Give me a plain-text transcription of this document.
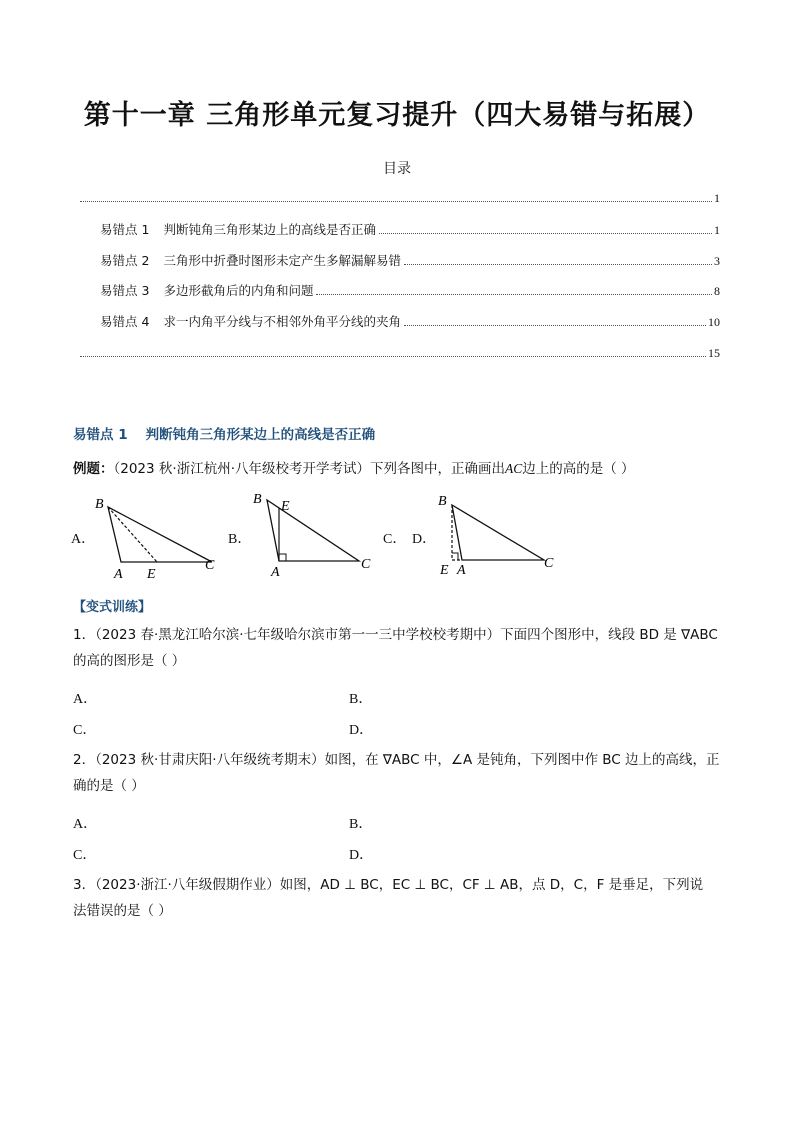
第十一章 三角形单元复习提升（四大易错与拓展）
目录
1
易错点 1 判断钝角三角形某边上的高线是否正确	1
易错点 2 三角形中折叠时图形未定产生多解漏解易错	3
易错点 3 多边形截角后的内角和问题	8
易错点 4 求一内角平分线与不相邻外角平分线的夹角	10
15
易错点 1 判断钝角三角形某边上的高线是否正确
例题：（2023 秋·浙江杭州·八年级校考开学考试）下列各图中，正确画出AC边上的高的是（ ）
A．
B
A E
C
B．
B E
A
C
C． D．
B
E A	C
【变式训练】
1．（2023 春·黑龙江哈尔滨·七年级哈尔滨市第一一三中学校校考期中）下面四个图形中，线段 BD 是 ∇ABC
的高的图形是（ ）
A．	B．
C．	D．
2．（2023 秋·甘肃庆阳·八年级统考期末）如图，在 ∇ABC 中，∠A 是钝角，下列图中作 BC 边上的高线，正
确的是（ ）
A．	B．
C．	D．
3．（2023·浙江·八年级假期作业）如图，AD ⊥ BC，EC ⊥ BC，CF ⊥ AB，点 D，C，F 是垂足，下列说
法错误的是（ ）
